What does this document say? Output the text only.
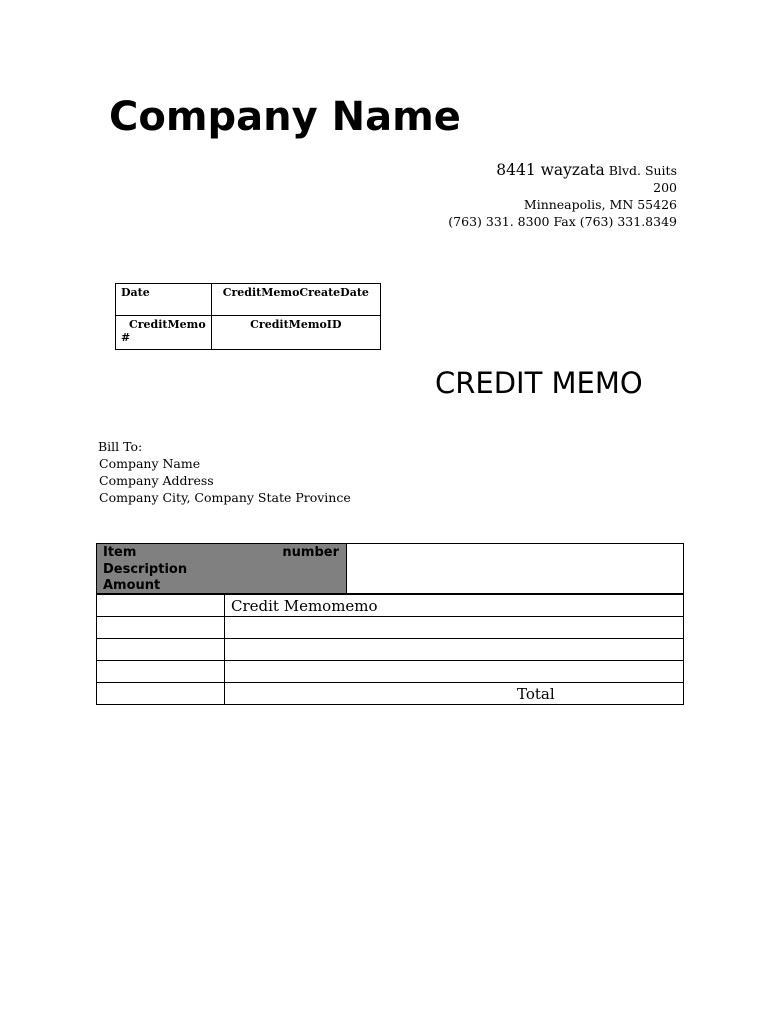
Company Name
8441 wayzata Blvd. Suits
200
Minneapolis, MN 55426
(763) 331. 8300 Fax (763) 331.8349
Date	CreditMemoCreateDate

CreditMemo
#	CreditMemoID
CREDIT MEMO
Bill To:
Company Name
Company Address
Company City, Company State Province
Item	number
Description
Amount
	Credit Memomemo

	Total
